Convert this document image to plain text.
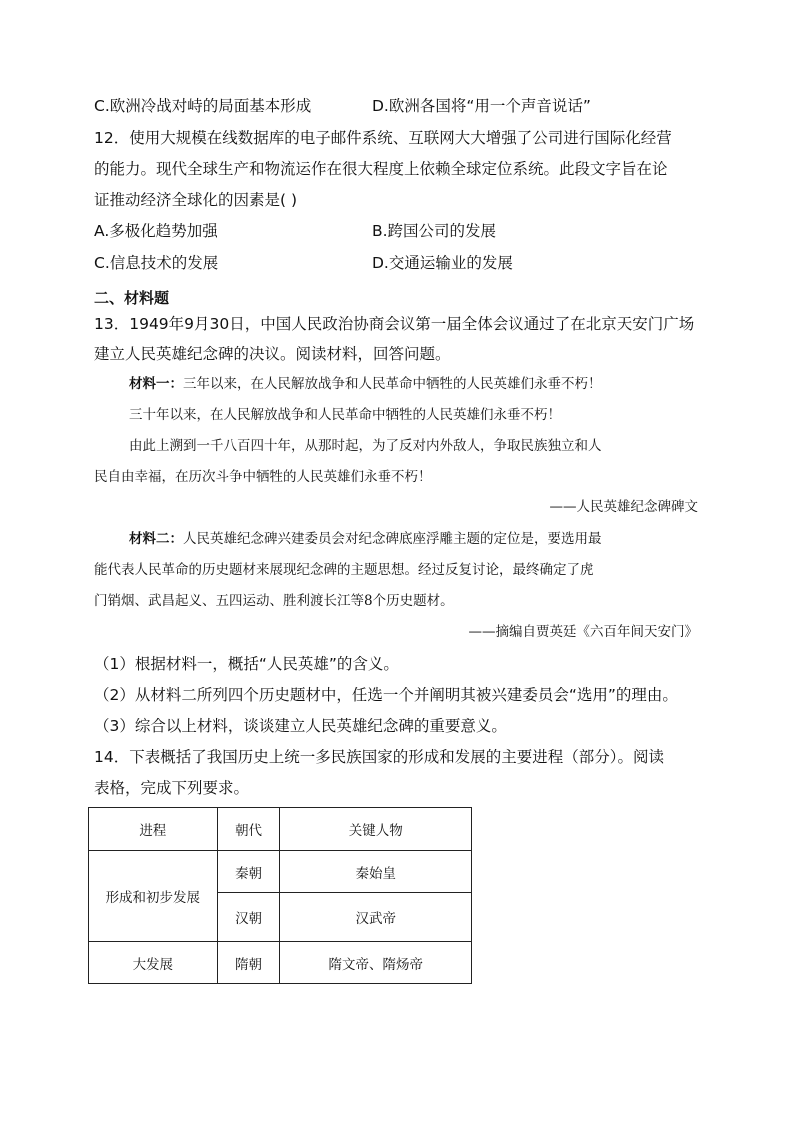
C.欧洲冷战对峙的局面基本形成	D.欧洲各国将“用一个声音说话”
12．使用大规模在线数据库的电子邮件系统、互联网大大增强了公司进行国际化经营
的能力。现代全球生产和物流运作在很大程度上依赖全球定位系统。此段文字旨在论
证推动经济全球化的因素是( )
A.多极化趋势加强	B.跨国公司的发展
C.信息技术的发展	D.交通运输业的发展
二、材料题
13．1949年9月30日，中国人民政治协商会议第一届全体会议通过了在北京天安门广场
建立人民英雄纪念碑的决议。阅读材料，回答问题。
材料一：三年以来，在人民解放战争和人民革命中牺牲的人民英雄们永垂不朽！
三十年以来，在人民解放战争和人民革命中牺牲的人民英雄们永垂不朽！
由此上溯到一千八百四十年，从那时起，为了反对内外敌人，争取民族独立和人
民自由幸福，在历次斗争中牺牲的人民英雄们永垂不朽！
——人民英雄纪念碑碑文
材料二：人民英雄纪念碑兴建委员会对纪念碑底座浮雕主题的定位是，要选用最
能代表人民革命的历史题材来展现纪念碑的主题思想。经过反复讨论，最终确定了虎
门销烟、武昌起义、五四运动、胜利渡长江等8个历史题材。
——摘编自贾英廷《六百年间天安门》
（1）根据材料一，概括“人民英雄”的含义。
（2）从材料二所列四个历史题材中，任选一个并阐明其被兴建委员会“选用”的理由。
（3）综合以上材料，谈谈建立人民英雄纪念碑的重要意义。
14．下表概括了我国历史上统一多民族国家的形成和发展的主要进程（部分）。阅读
表格，完成下列要求。
进程	朝代	关键人物
形成和初步发展	秦朝	秦始皇
	汉朝	汉武帝
大发展	隋朝	隋文帝、隋炀帝
